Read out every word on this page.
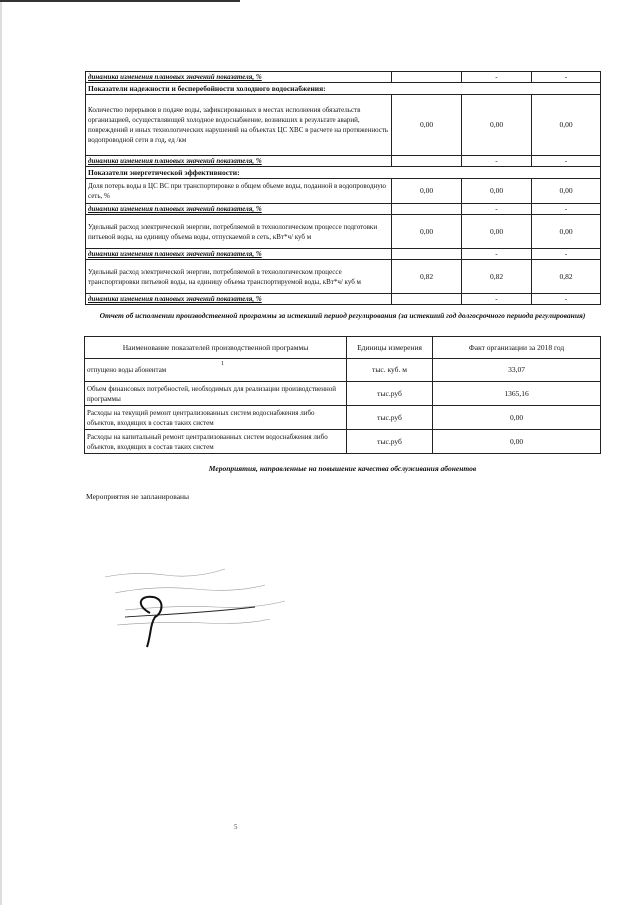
динамика изменения плановых значений показателя, %		-	-
Показатели надежности и бесперебойности холодного водоснабжения:			
Количество перерывов в подаче воды, зафиксированных в местах исполнения обязательств организацией, осуществляющей холодное водоснабжение, возникших в результате аварий, повреждений и иных технологических нарушений на объектах ЦС ХВС в расчете на протяженность водопроводной сети в год, ед /км	0,00	0,00	0,00
динамика изменения плановых значений показателя, %		-	-
Показатели энергетической эффективности:			
Доля потерь воды в ЦС ВС при транспортировке в общем объеме воды, поданной в водопроводную сеть, %	0,00	0,00	0,00
динамика изменения плановых значений показателя, %		-	-
Удельный расход электрической энергии, потребляемой в технологическом процессе подготовки питьевой воды, на единицу объема воды, отпускаемой в сеть, кВт*ч/ куб м	0,00	0,00	0,00
динамика изменения плановых значений показателя, %		-	-
Удельный расход электрической энергии, потребляемой в технологическом процессе транспортировки питьевой воды, на единицу объема транспортируемой воды, кВт*ч/ куб м	0,82	0,82	0,82
динамика изменения плановых значений показателя, %		-	-
Отчет об исполнении производственной программы за истекший период регулирования (за истекший год долгосрочного периода регулирования)
Наименование показателей производственной программы	Единицы измерения	Факт организации за 2018 год
отпущено воды абонентам	тыс. куб. м	33,07
Объем финансовых потребностей, необходимых для реализации производственной программы	тыс.руб	1365,16
Расходы на текущий ремонт централизованных систем водоснабжения либо объектов, входящих в состав таких систем	тыс.руб	0,00
Расходы на капитальный ремонт централизованных систем водоснабжения либо объектов, входящих в состав таких систем	тыс.руб	0,00
1
Мероприятия, направленные на повышение качества обслуживания абонентов
Мероприятия не запланированы
5
